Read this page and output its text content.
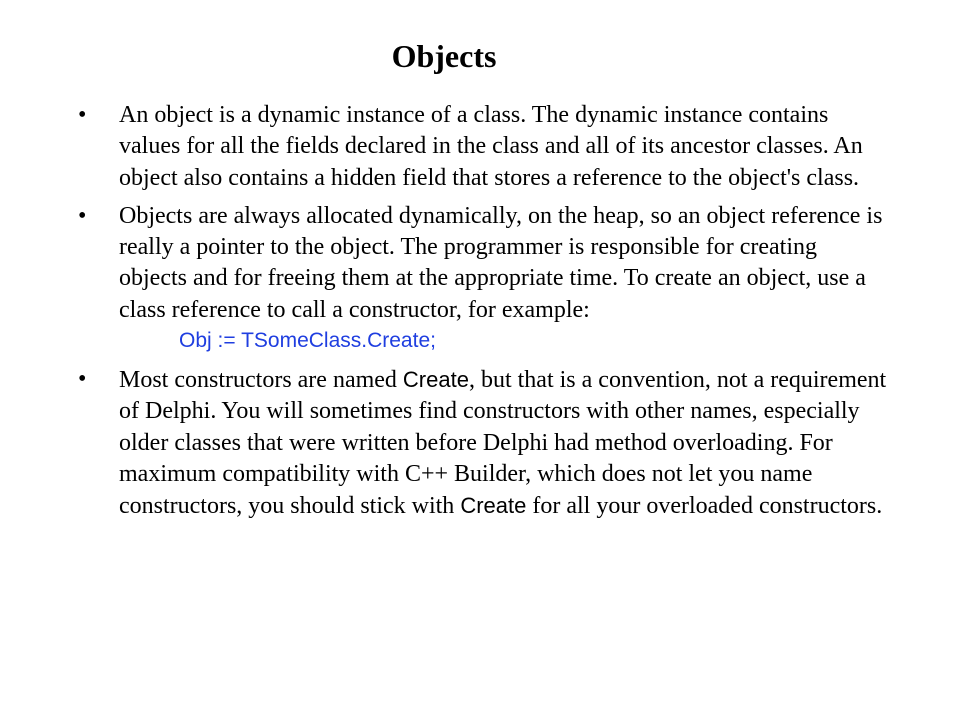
Objects
• An object is a dynamic instance of a class. The dynamic instance contains values for all the fields declared in the class and all of its ancestor classes. An object also contains a hidden field that stores a reference to the object's class.
• Objects are always allocated dynamically, on the heap, so an object reference is really a pointer to the object. The programmer is responsible for creating objects and for freeing them at the appropriate time. To create an object, use a class reference to call a constructor, for example:
Obj := TSomeClass.Create;
• Most constructors are named Create, but that is a convention, not a requirement of Delphi. You will sometimes find constructors with other names, especially older classes that were written before Delphi had method overloading. For maximum compatibility with C++ Builder, which does not let you name constructors, you should stick with Create for all your overloaded constructors.
